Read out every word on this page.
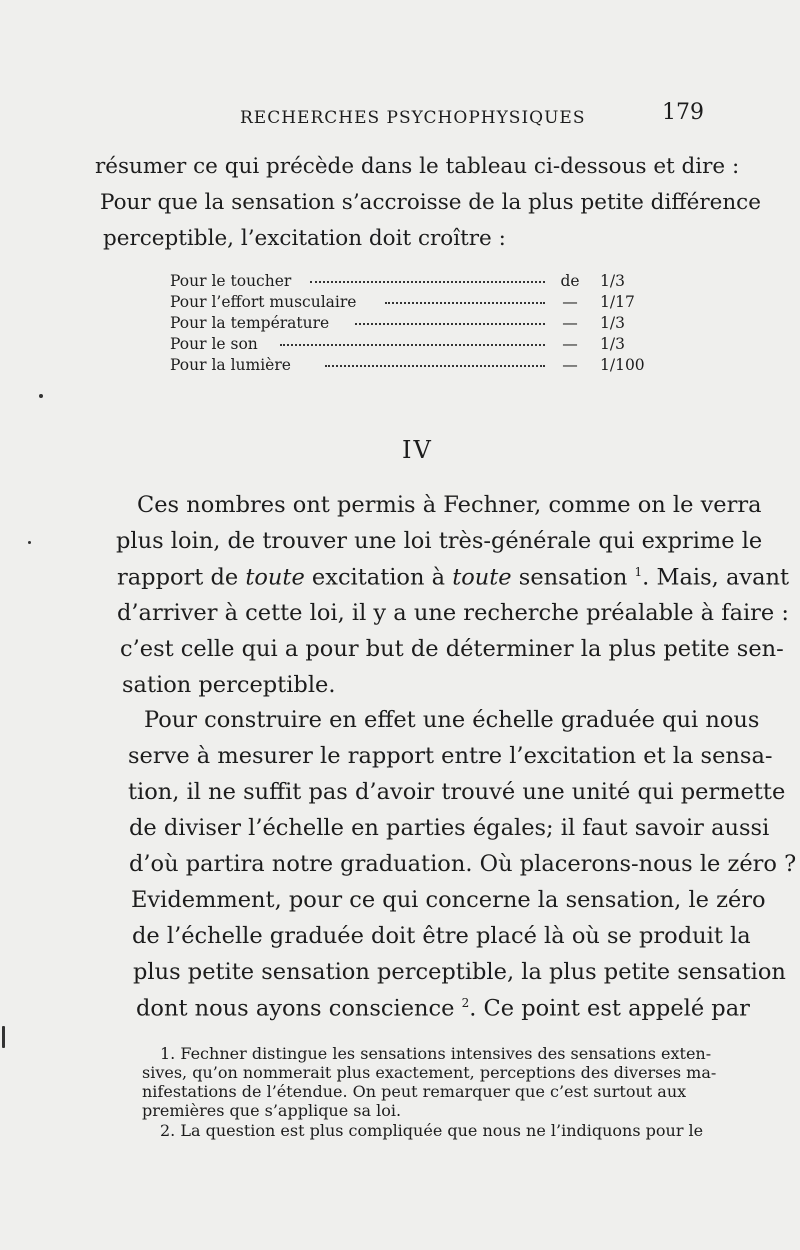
RECHERCHES PSYCHOPHYSIQUES	179
résumer ce qui précède dans le tableau ci-dessous et dire :
Pour que la sensation s’accroisse de la plus petite différence
perceptible, l’excitation doit croître :
Pour le toucher	de	1/3
Pour l’effort musculaire	—	1/17
Pour la température	—	1/3
Pour le son	—	1/3
Pour la lumière	—	1/100
IV
Ces nombres ont permis à Fechner, comme on le verra
plus loin, de trouver une loi très-générale qui exprime le
rapport de toute excitation à toute sensation $^1$. Mais, avant
d’arriver à cette loi, il y a une recherche préalable à faire :
c’est celle qui a pour but de déterminer la plus petite sen-
sation perceptible.
Pour construire en effet une échelle graduée qui nous
serve à mesurer le rapport entre l’excitation et la sensa-
tion, il ne suffit pas d’avoir trouvé une unité qui permette
de diviser l’échelle en parties égales; il faut savoir aussi
d’où partira notre graduation. Où placerons-nous le zéro ?
Evidemment, pour ce qui concerne la sensation, le zéro
de l’échelle graduée doit être placé là où se produit la
plus petite sensation perceptible, la plus petite sensation
dont nous ayons conscience $^2$. Ce point est appelé par
1. Fechner distingue les sensations intensives des sensations exten-
sives, qu’on nommerait plus exactement, perceptions des diverses ma-
nifestations de l’étendue. On peut remarquer que c’est surtout aux
premières que s’applique sa loi.
2. La question est plus compliquée que nous ne l’indiquons pour le
